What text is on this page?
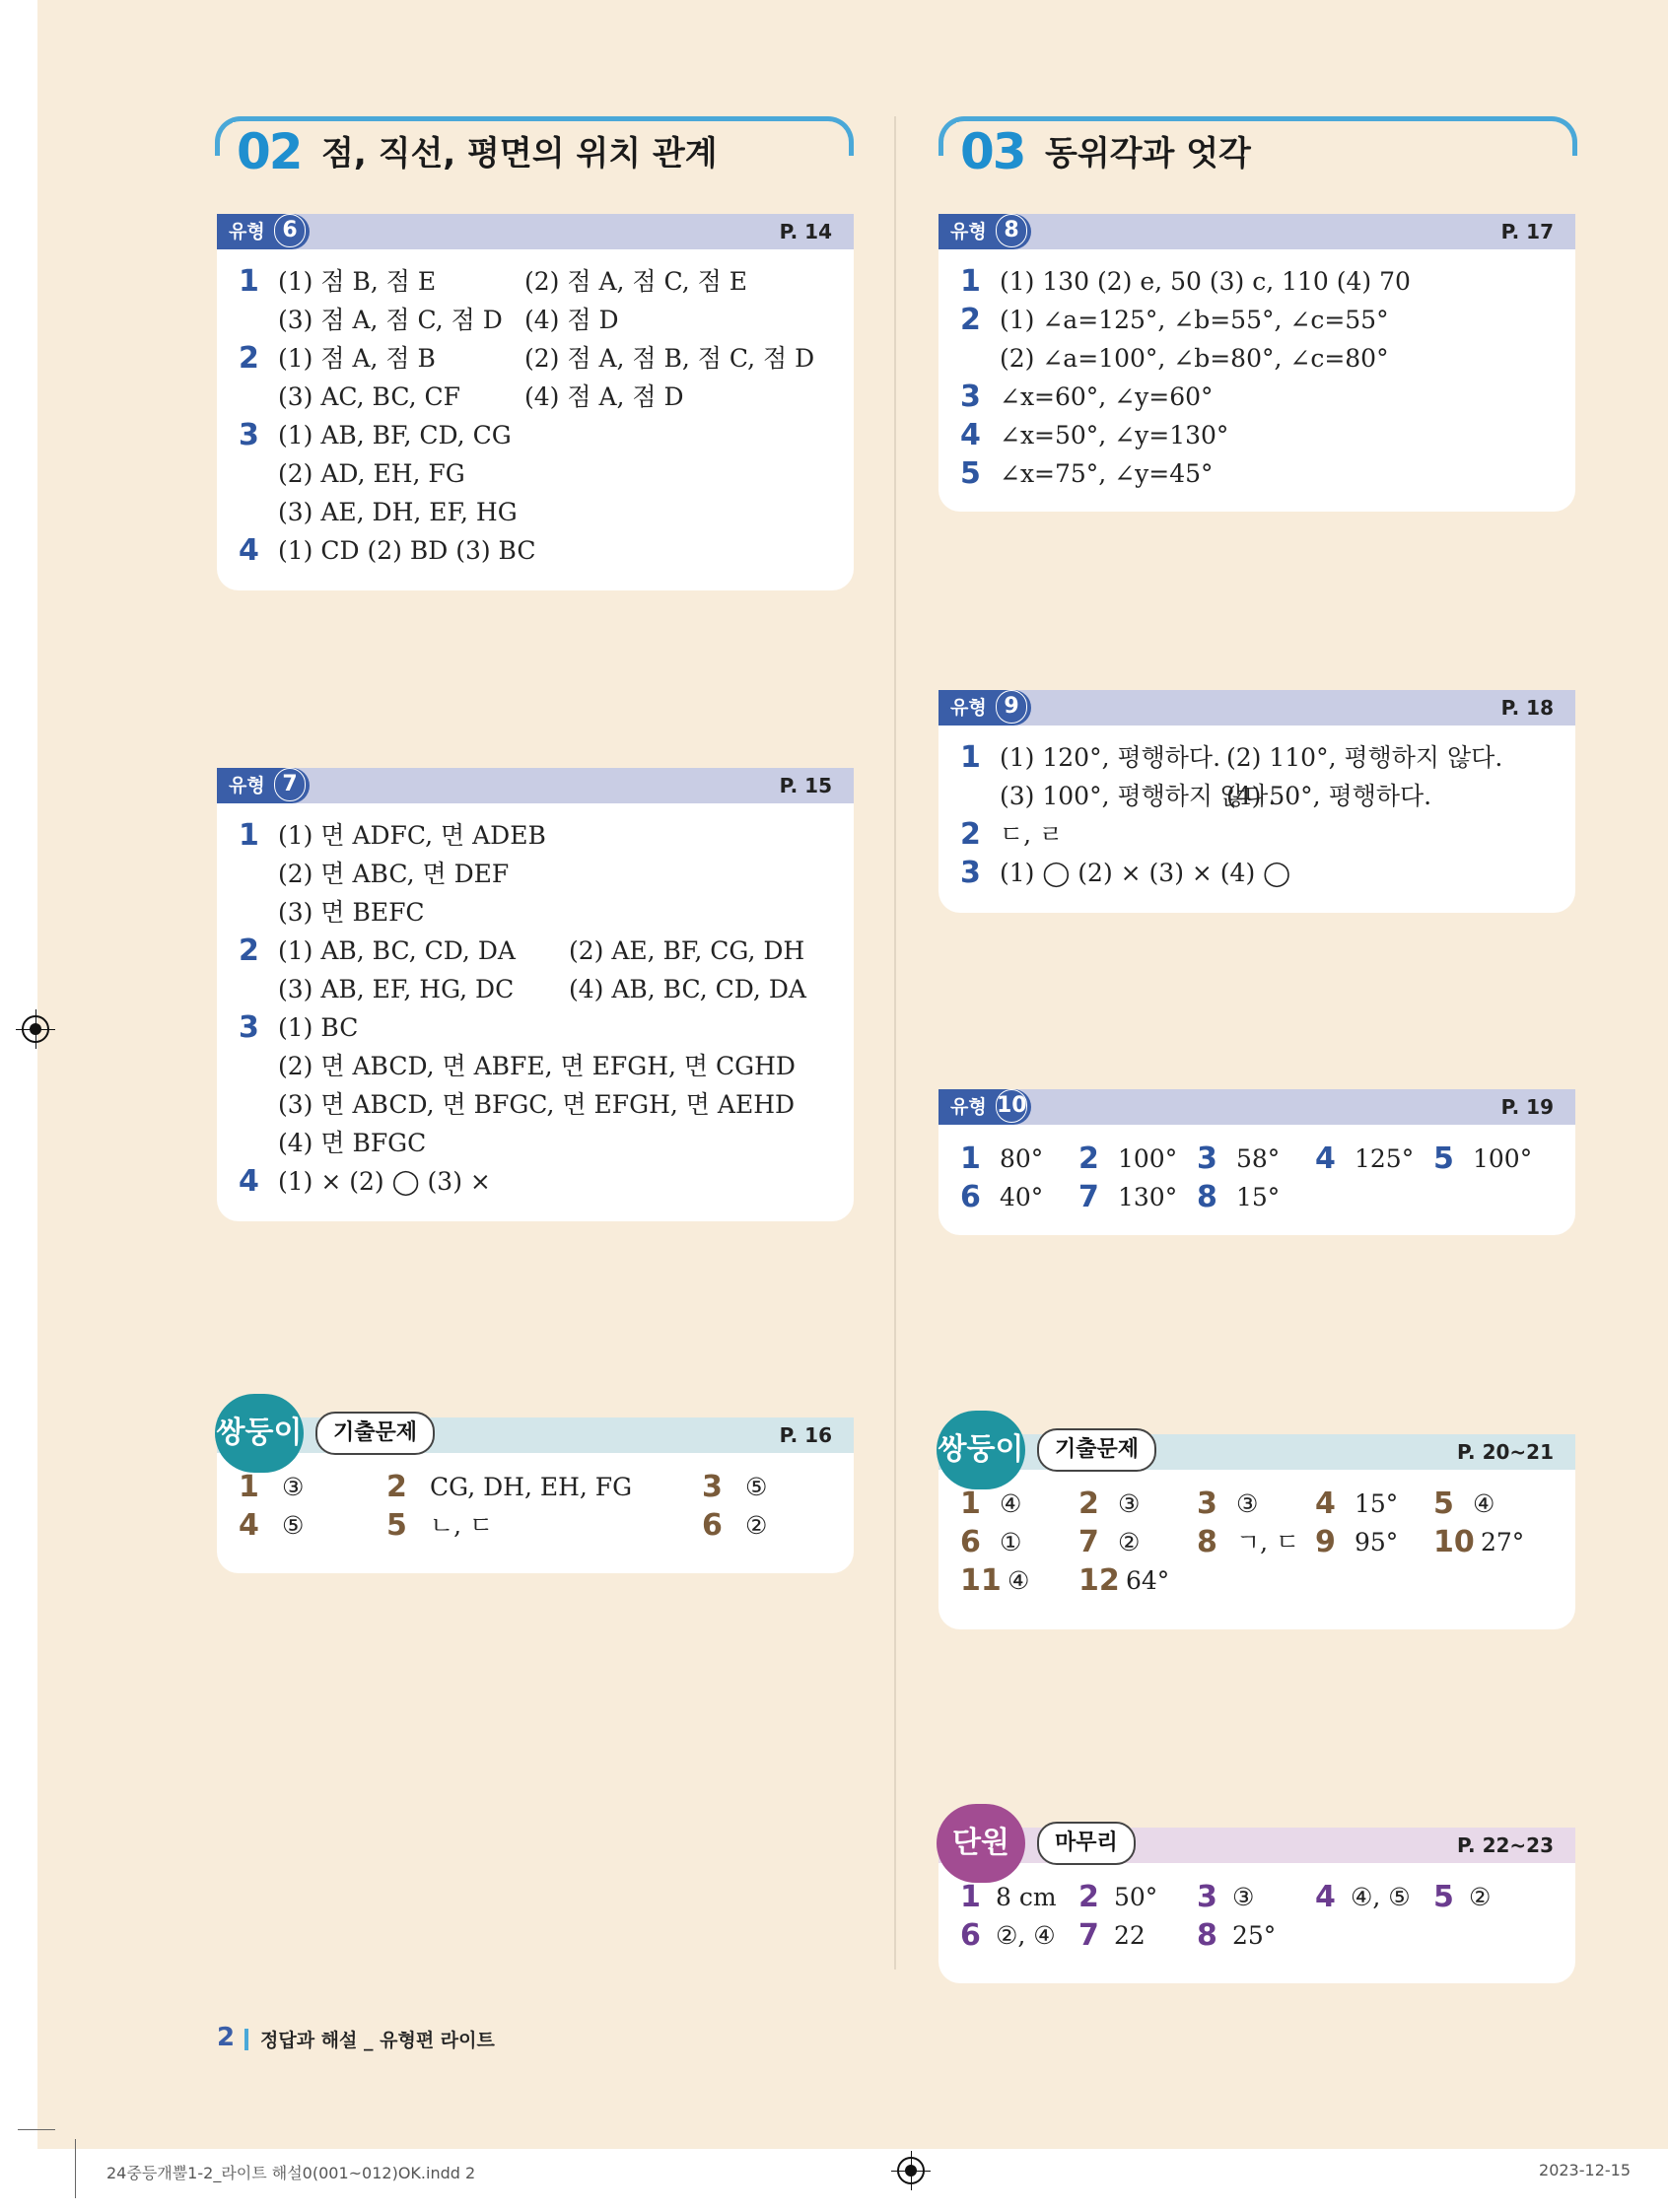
02 점, 직선, 평면의 위치 관계	03 동위각과 엇각
유형 6	P. 14
1 (1) 점 B, 점 E	(2) 점 A, 점 C, 점 E
(3) 점 A, 점 C, 점 D (4) 점 D
2 (1) 점 A, 점 B	(2) 점 A, 점 B, 점 C, 점 D
(3) AC, BC, CF	(4) 점 A, 점 D
3 (1) AB, BF, CD, CG
(2) AD, EH, FG
(3) AE, DH, EF, HG
4 (1) CD (2) BD (3) BC
유형 7	P. 15
1 (1) 면 ADFC, 면 ADEB
(2) 면 ABC, 면 DEF
(3) 면 BEFC
2 (1) AB, BC, CD, DA (2) AE, BF, CG, DH
(3) AB, EF, HG, DC (4) AB, BC, CD, DA
3 (1) BC
(2) 면 ABCD, 면 ABFE, 면 EFGH, 면 CGHD
(3) 면 ABCD, 면 BFGC, 면 EFGH, 면 AEHD
(4) 면 BFGC
4 (1) × (2) ◯ (3) ×
P. 16
쌍둥이	기출문제
1 ③	2 CG, DH, EH, FG 3 ⑤
4 ⑤	5 ㄴ, ㄷ	6 ②
유형 8	P. 17
1 (1) 130 (2) e, 50 (3) c, 110 (4) 70
2 (1) ∠a=125°, ∠b=55°, ∠c=55°
(2) ∠a=100°, ∠b=80°, ∠c=80°
3 ∠x=60°, ∠y=60°
4 ∠x=50°, ∠y=130°
5 ∠x=75°, ∠y=45°
유형 9	P. 18
1 (1) 120°, 평행하다. (2) 110°, 평행하지 않다.
(3) 100°, 평행하지 않다.
(4) 50°, 평행하다.
2 ㄷ, ㄹ
3 (1) ◯ (2) × (3) × (4) ◯
유형 10	P. 19
1 80° 2 100° 3 58° 4 125° 5 100°
6 40° 7 130° 8 15°
P. 20~21
쌍둥이	기출문제
1 ④ 2 ③ 3 ③ 4 15° 5 ④
6 ① 7 ② 8 ㄱ, ㄷ 9 95° 10 27°
11 ④ 12 64°
P. 22~23
단원	마무리
1 8 cm 2 50° 3 ③ 4 ④, ⑤ 5 ②
6 ②, ④ 7 22 8 25°
2 정답과 해설 _ 유형편 라이트
24중등개뿔1-2_라이트 해설0(001~012)OK.indd 2	2023-12-15
